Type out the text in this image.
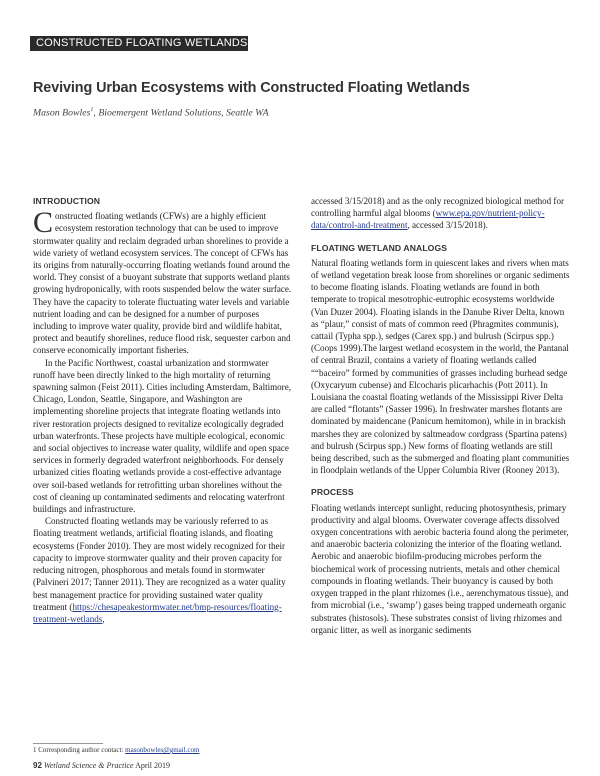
CONSTRUCTED FLOATING WETLANDS
Reviving Urban Ecosystems with Constructed Floating Wetlands
Mason Bowles$^1$, Bioemergent Wetland Solutions, Seattle WA
INTRODUCTION

Constructed floating wetlands (CFWs) are a highly efficient ecosystem restoration technology that can be used to improve stormwater quality and reclaim degraded urban shorelines to provide a wide variety of wetland ecosystem services. The concept of CFWs has its origins from naturally-occurring floating wetlands found around the world. They consist of a buoyant substrate that supports wetland plants growing hydroponically, with roots suspended below the water surface. They have the capacity to tolerate fluctuating water levels and variable nutrient loading and can be designed for a number of purposes including to improve water quality, provide bird and wildlife habitat, protect and beautify shorelines, reduce flood risk, sequester carbon and conserve economically important fisheries.

In the Pacific Northwest, coastal urbanization and stormwater runoff have been directly linked to the high mortality of returning spawning salmon (Feist 2011). Cities including Amsterdam, Baltimore, Chicago, London, Seattle, Singapore, and Washington are implementing shoreline projects that integrate floating wetlands into river restoration projects designed to revitalize ecologically degraded urban waterfronts. These projects have multiple ecological, economic and social objectives to increase water quality, wildlife and open space services in formerly degraded waterfront neighborhoods. For densely urbanized cities floating wetlands provide a cost-effective advantage over soil-based wetlands for retrofitting urban shorelines without the cost of cleaning up contaminated sediments and relocating waterfront buildings and infrastructure.

Constructed floating wetlands may be variously referred to as floating treatment wetlands, artificial floating islands, and floating ecosystems (Fonder 2010). They are most widely recognized for their capacity to improve stormwater quality and their proven capacity for reducing nitrogen, phosphorous and metals found in stormwater (Palvineri 2017; Tanner 2011). They are recognized as a water quality best management practice for providing sustained water quality treatment (https://chesapeakestormwater.net/bmp-resources/floating-treatment-wetlands,

accessed 3/15/2018) and as the only recognized biological method for controlling harmful algal blooms (www.epa.gov/nutrient-policy-data/control-and-treatment, accessed 3/15/2018).

FLOATING WETLAND ANALOGS

Natural floating wetlands form in quiescent lakes and rivers when mats of wetland vegetation break loose from shorelines or organic sediments to become floating islands. Floating wetlands are found in both temperate to tropical mesotrophic-eutrophic ecosystems worldwide (Van Duzer 2004). Floating islands in the Danube River Delta, known as “plaur,” consist of mats of common reed (Phragmites communis), cattail (Typha spp.), sedges (Carex spp.) and bulrush (Scirpus spp.) (Coops 1999).The largest wetland ecosystem in the world, the Pantanal of central Brazil, contains a variety of floating wetlands called ““baceiro” formed by communities of grasses including burhead sedge (Oxycaryum cubense) and Elcocharis plicarhachis (Pott 2011). In Louisiana the coastal floating wetlands of the Mississippi River Delta are called “flotants” (Sasser 1996). In freshwater marshes flotants are dominated by maidencane (Panicum hemitomon), while in in brackish marshes they are colonized by saltmeadow cordgrass (Spartina patens) and bulrush (Scirpus spp.) New forms of floating wetlands are still being described, such as the submerged and floating plant communities in floodplain wetlands of the Upper Columbia River (Rooney 2013).

PROCESS

Floating wetlands intercept sunlight, reducing photosynthesis, primary productivity and algal blooms. Overwater coverage affects dissolved oxygen concentrations with aerobic bacteria found along the perimeter, and anaerobic bacteria colonizing the interior of the floating wetland. Aerobic and anaerobic biofilm-producing microbes perform the biochemical work of processing nutrients, metals and other chemical compounds in floating wetlands. Their buoyancy is caused by both oxygen trapped in the plant rhizomes (i.e., aerenchymatous tissue), and from microbial (i.e., ‘swamp’) gases being trapped underneath organic substrates (histosols). These substrates consist of living rhizomes and organic litter, as well as inorganic sediments

1 Corresponding author contact: masonbowles@gmail.com
92 Wetland Science & Practice April 2019
